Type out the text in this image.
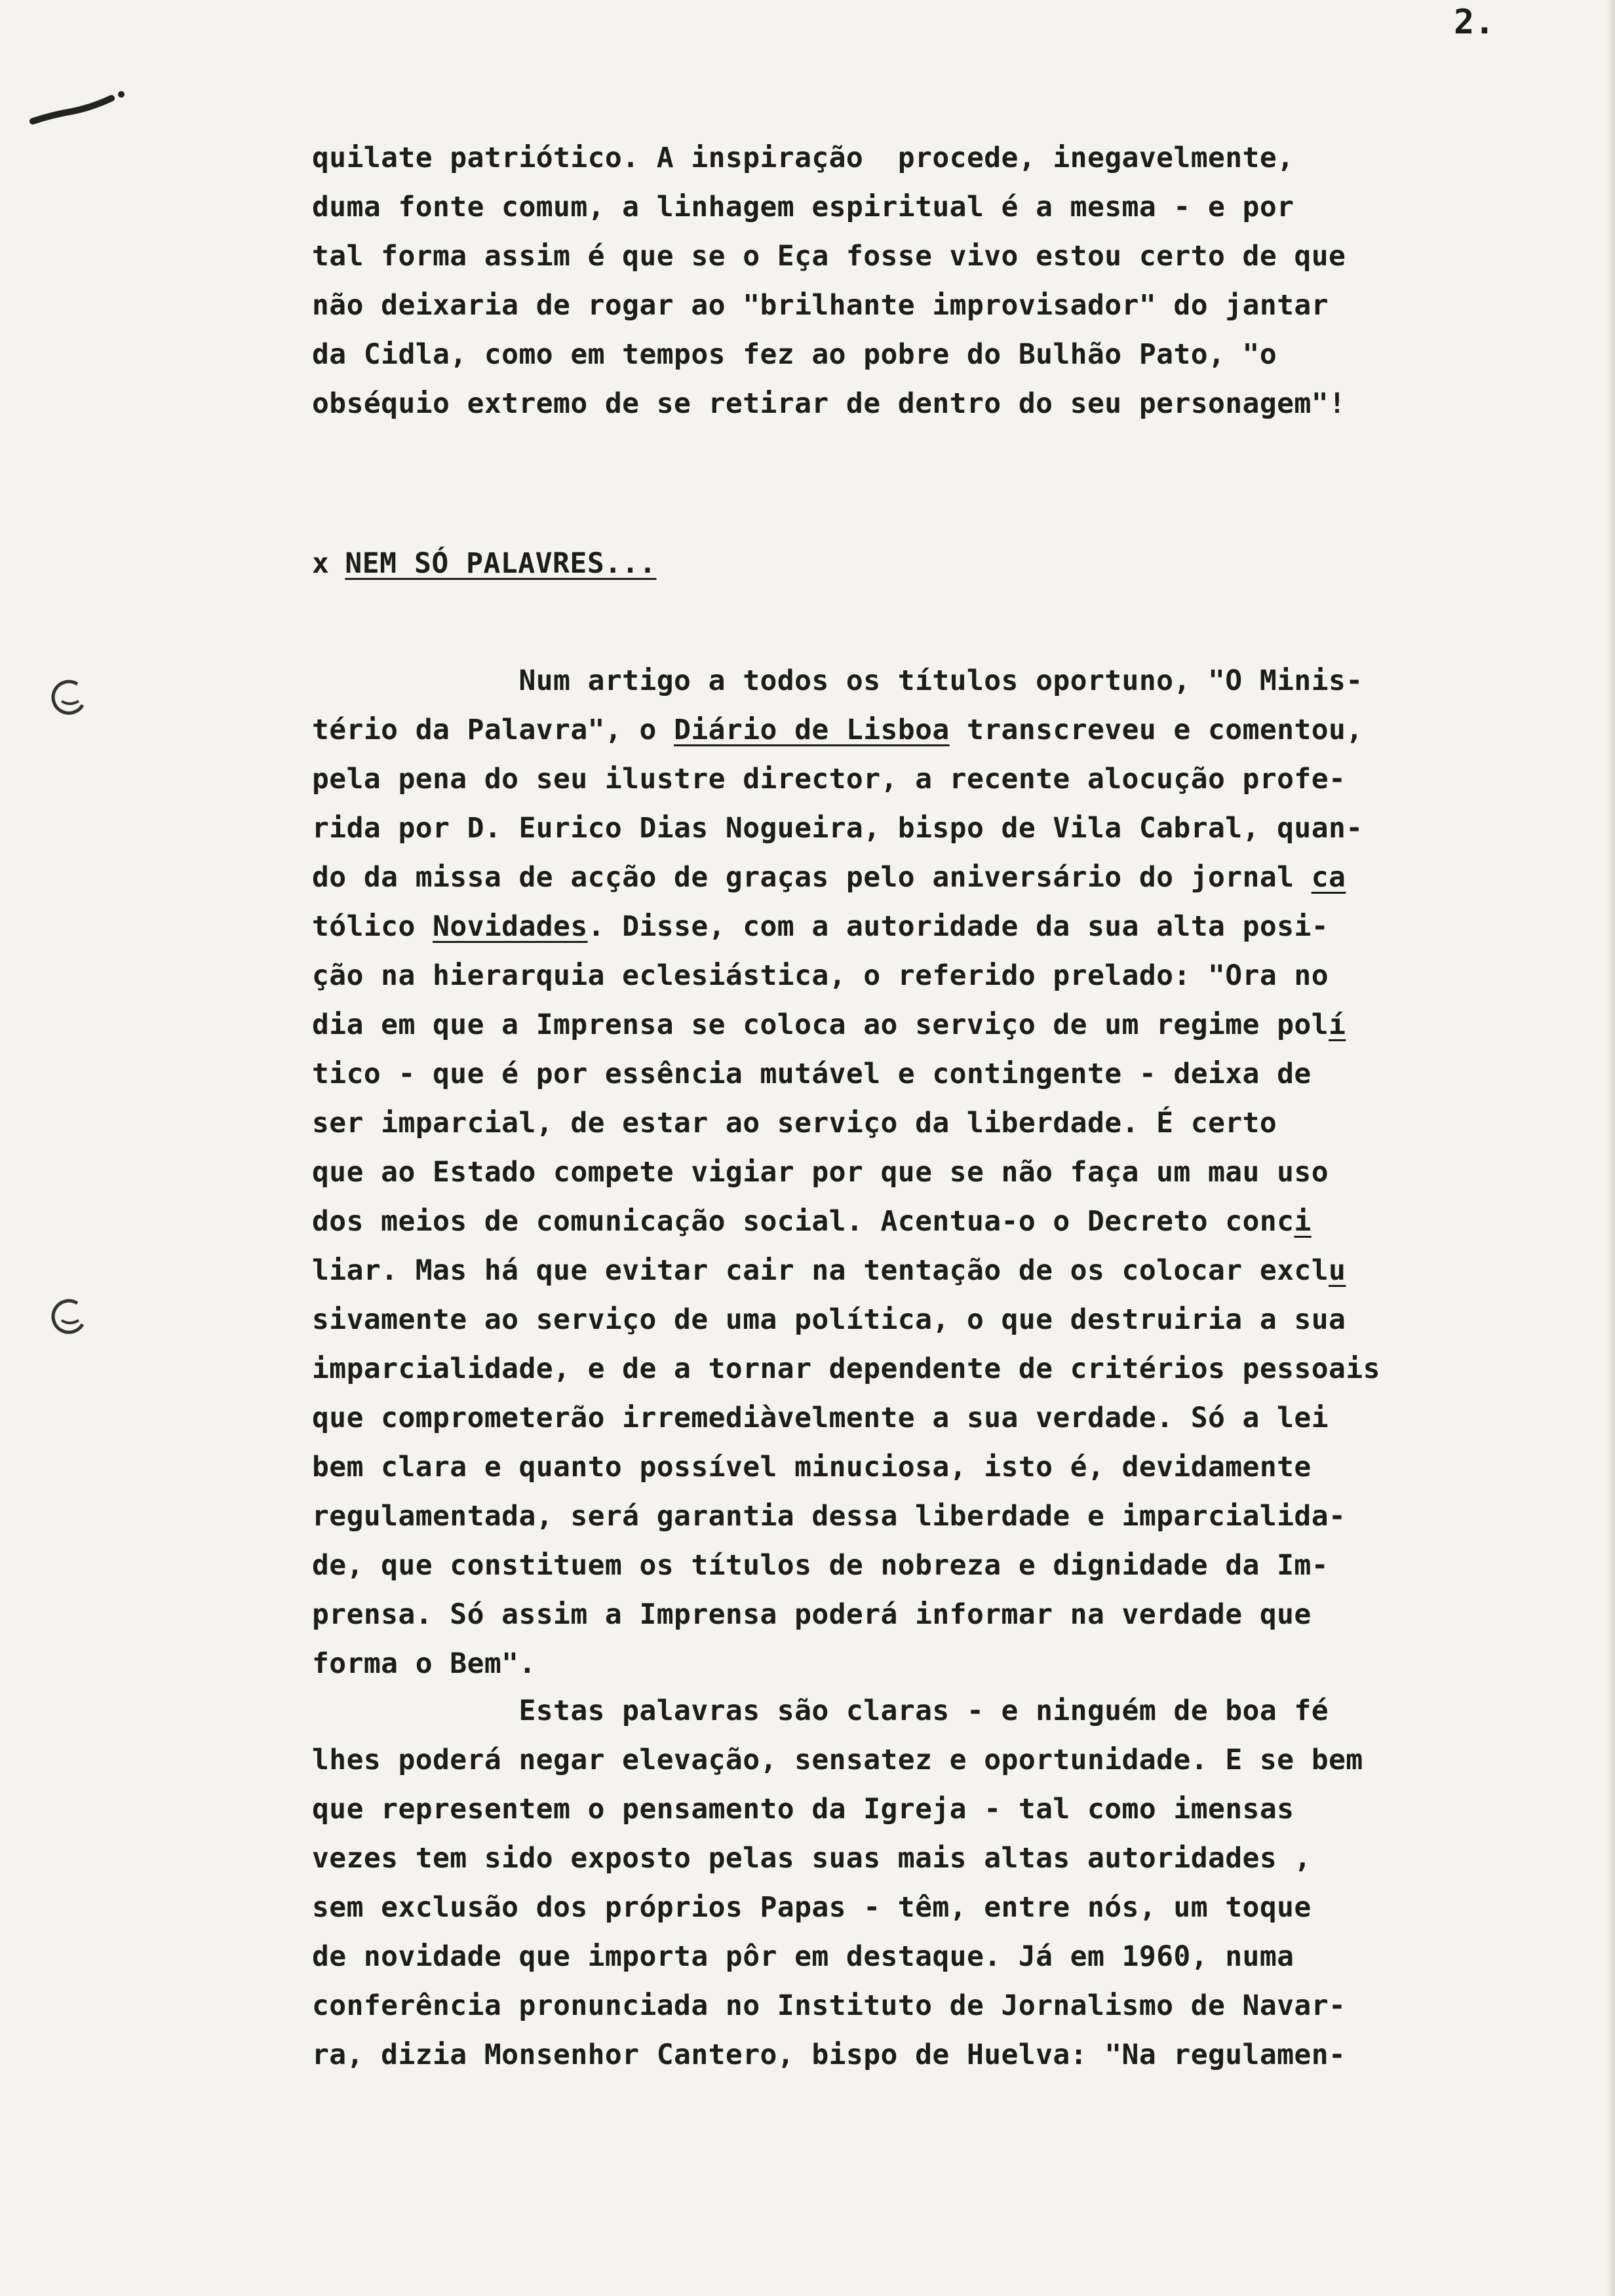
2.
quilate patriótico. A inspiração  procede, inegavelmente,
duma fonte comum, a linhagem espiritual é a mesma - e por
tal forma assim é que se o Eça fosse vivo estou certo de que
não deixaria de rogar ao "brilhante improvisador" do jantar
da Cidla, como em tempos fez ao pobre do Bulhão Pato, "o
obséquio extremo de se retirar de dentro do seu personagem"!
x NEM SÓ PALAVRES...
Num artigo a todos os títulos oportuno, "O Minis-
tério da Palavra", o Diário de Lisboa transcreveu e comentou,
pela pena do seu ilustre director, a recente alocução profe-
rida por D. Eurico Dias Nogueira, bispo de Vila Cabral, quan-
do da missa de acção de graças pelo aniversário do jornal ca
tólico Novidades. Disse, com a autoridade da sua alta posi-
ção na hierarquia eclesiástica, o referido prelado: "Ora no
dia em que a Imprensa se coloca ao serviço de um regime polí
tico - que é por essência mutável e contingente - deixa de
ser imparcial, de estar ao serviço da liberdade. É certo
que ao Estado compete vigiar por que se não faça um mau uso
dos meios de comunicação social. Acentua-o o Decreto conci
liar. Mas há que evitar cair na tentação de os colocar exclu
sivamente ao serviço de uma política, o que destruiria a sua
imparcialidade, e de a tornar dependente de critérios pessoais
que comprometerão irremediàvelmente a sua verdade. Só a lei
bem clara e quanto possível minuciosa, isto é, devidamente
regulamentada, será garantia dessa liberdade e imparcialida-
de, que constituem os títulos de nobreza e dignidade da Im-
prensa. Só assim a Imprensa poderá informar na verdade que
forma o Bem".
Estas palavras são claras - e ninguém de boa fé
lhes poderá negar elevação, sensatez e oportunidade. E se bem
que representem o pensamento da Igreja - tal como imensas
vezes tem sido exposto pelas suas mais altas autoridades ,
sem exclusão dos próprios Papas - têm, entre nós, um toque
de novidade que importa pôr em destaque. Já em 1960, numa
conferência pronunciada no Instituto de Jornalismo de Navar-
ra, dizia Monsenhor Cantero, bispo de Huelva: "Na regulamen-
